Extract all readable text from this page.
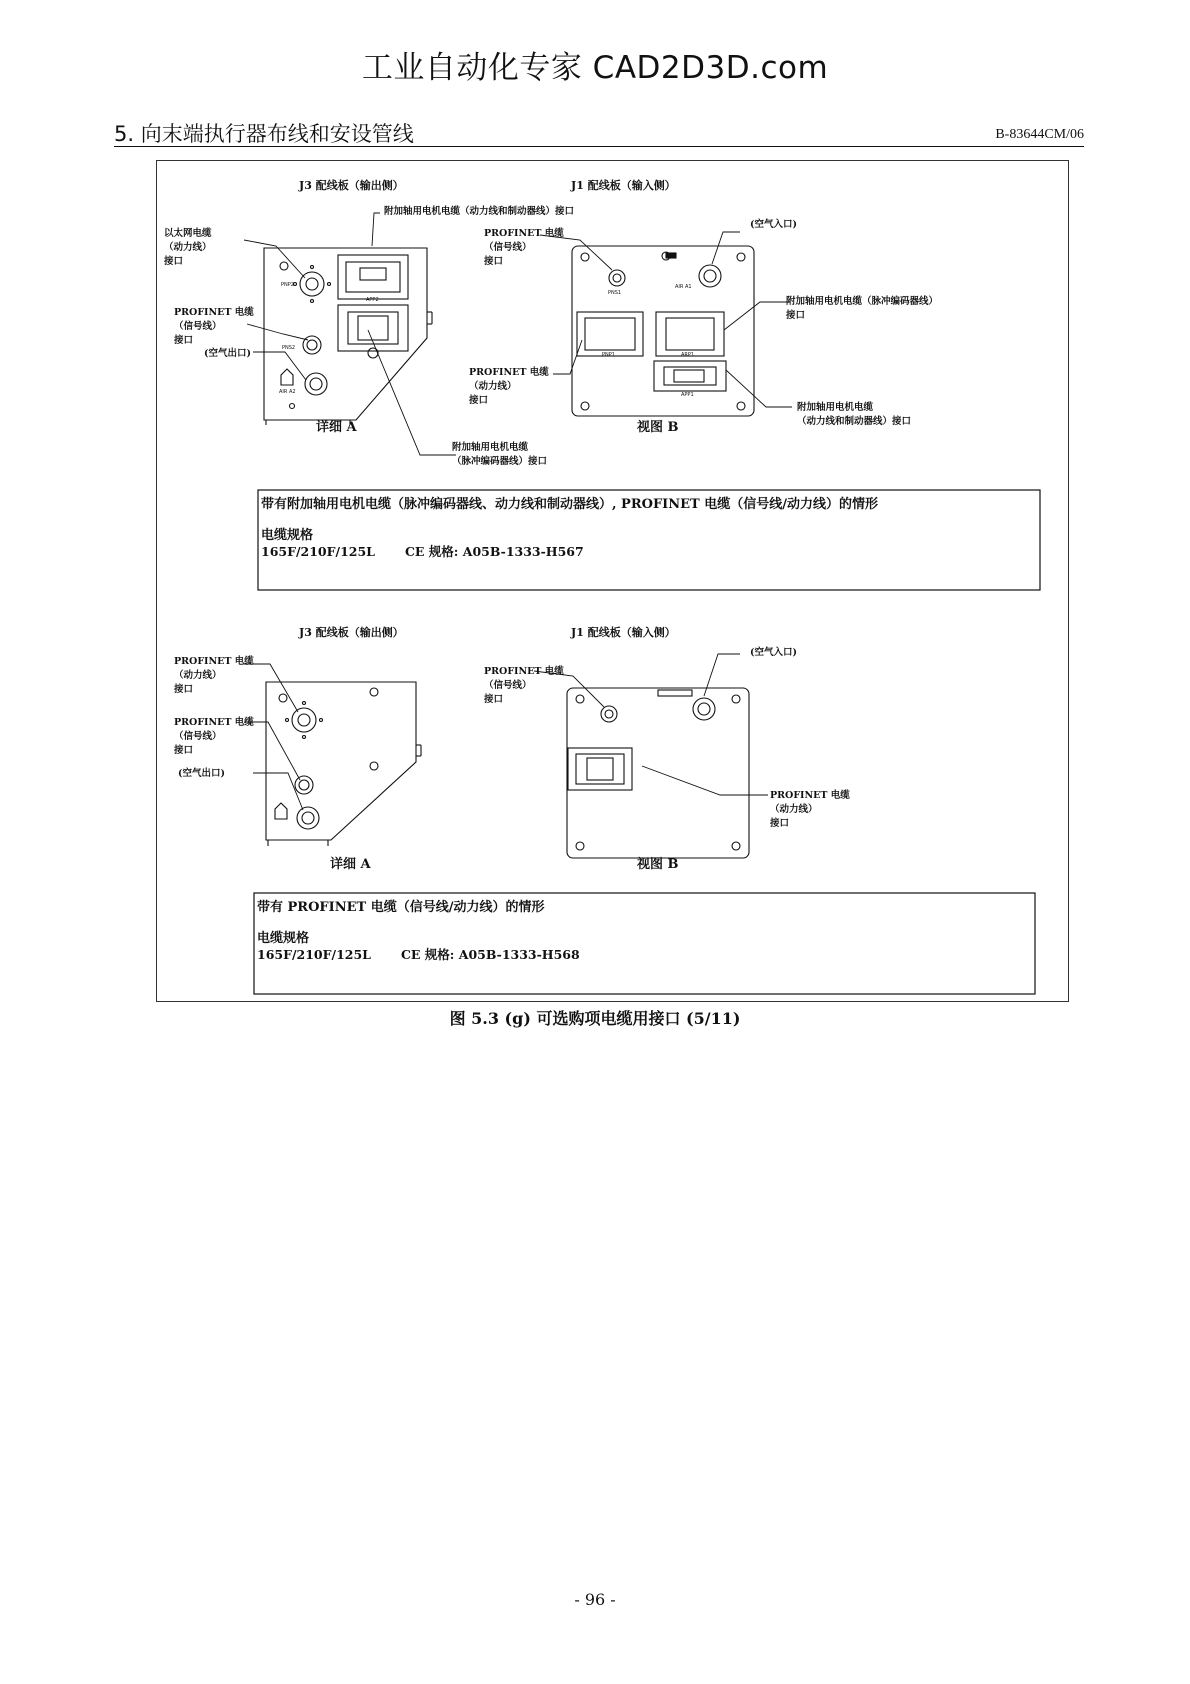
工业自动化专家 CAD2D3D.com
5. 向末端执行器布线和安设管线	B-83644CM/06
J3 配线板（输出侧）	J1 配线板（输入侧）
详细 A	视图 B
以太网电缆
（动力线）
接口
PROFINET 电缆
（信号线）
接口
(空气出口)
附加轴用电机电缆（动力线和制动器线）接口
附加轴用电机电缆
（脉冲编码器线）接口
PROFINET 电缆
（信号线）
接口
(空气入口)
附加轴用电机电缆（脉冲编码器线）
接口
PROFINET 电缆
（动力线）
接口
附加轴用电机电缆
（动力线和制动器线）接口
PNP2
APP2
PNS2
AIR A2
PNS1
AIR A1
PNP1	ARP1
APP1
J3 配线板（输出侧）	J1 配线板（输入侧）
详细 A	视图 B
PROFINET 电缆
（动力线）
接口
PROFINET 电缆
（信号线）
接口
(空气出口)
PROFINET 电缆
（信号线）
接口
(空气入口)
PROFINET 电缆
（动力线）
接口
带有附加轴用电机电缆（脉冲编码器线、动力线和制动器线）, PROFINET 电缆（信号线/动力线）的情形
电缆规格
165F/210F/125L CE 规格: A05B-1333-H567
带有 PROFINET 电缆（信号线/动力线）的情形
电缆规格
165F/210F/125L CE 规格: A05B-1333-H568
图 5.3 (g) 可选购项电缆用接口 (5/11)
- 96 -
